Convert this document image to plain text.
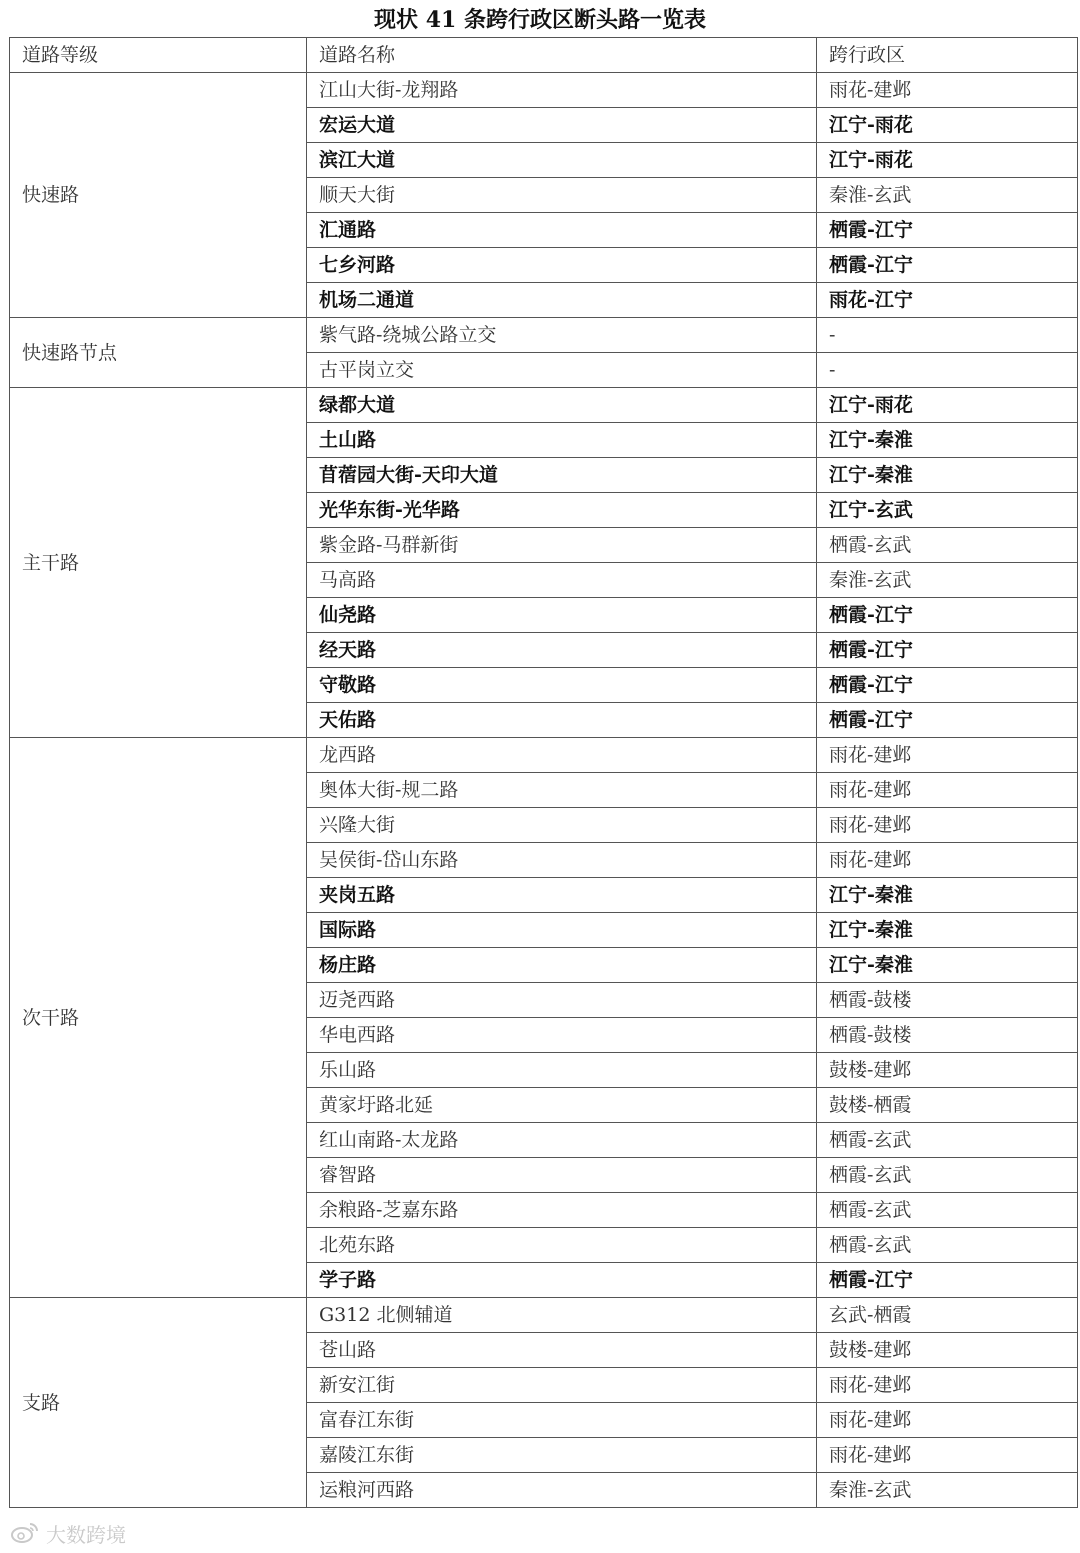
现状 41 条跨行政区断头路一览表
道路等级	道路名称	跨行政区
快速路	江山大街-龙翔路	雨花-建邺
	宏运大道	江宁-雨花
	滨江大道	江宁-雨花
	顺天大街	秦淮-玄武
	汇通路	栖霞-江宁
	七乡河路	栖霞-江宁
	机场二通道	雨花-江宁
快速路节点	紫气路-绕城公路立交	-
	古平岗立交	-
主干路	绿都大道	江宁-雨花
	土山路	江宁-秦淮
	苜蓿园大街-天印大道	江宁-秦淮
	光华东街-光华路	江宁-玄武
	紫金路-马群新街	栖霞-玄武
	马高路	秦淮-玄武
	仙尧路	栖霞-江宁
	经天路	栖霞-江宁
	守敬路	栖霞-江宁
	天佑路	栖霞-江宁
次干路	龙西路	雨花-建邺
	奥体大街-规二路	雨花-建邺
	兴隆大街	雨花-建邺
	吴侯街-岱山东路	雨花-建邺
	夹岗五路	江宁-秦淮
	国际路	江宁-秦淮
	杨庄路	江宁-秦淮
	迈尧西路	栖霞-鼓楼
	华电西路	栖霞-鼓楼
	乐山路	鼓楼-建邺
	黄家圩路北延	鼓楼-栖霞
	红山南路-太龙路	栖霞-玄武
	睿智路	栖霞-玄武
	余粮路-芝嘉东路	栖霞-玄武
	北苑东路	栖霞-玄武
	学子路	栖霞-江宁
支路	G312 北侧辅道	玄武-栖霞
	苍山路	鼓楼-建邺
	新安江街	雨花-建邺
	富春江东街	雨花-建邺
	嘉陵江东街	雨花-建邺
	运粮河西路	秦淮-玄武
大数跨境
